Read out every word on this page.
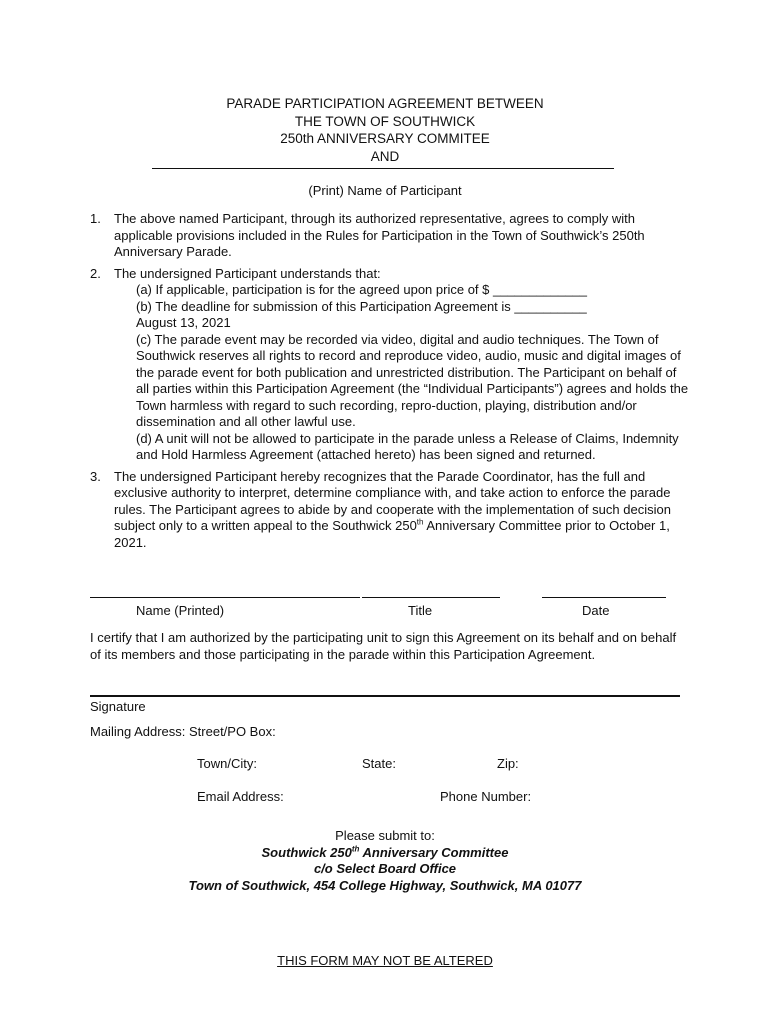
PARADE PARTICIPATION AGREEMENT BETWEEN
THE TOWN OF SOUTHWICK
250th ANNIVERSARY COMMITEE
AND
(Print) Name of Participant
1. The above named Participant, through its authorized representative, agrees to comply with applicable provisions included in the Rules for Participation in the Town of Southwick’s 250th Anniversary Parade.
2. The undersigned Participant understands that:
(a) If applicable, participation is for the agreed upon price of $ _____________
(b) The deadline for submission of this Participation Agreement is __________
August 13, 2021
(c) The parade event may be recorded via video, digital and audio techniques. The Town of Southwick reserves all rights to record and reproduce video, audio, music and digital images of the parade event for both publication and unrestricted distribution. The Participant on behalf of all parties within this Participation Agreement (the “Individual Participants”) agrees and holds the Town harmless with regard to such recording, repro-duction, playing, distribution and/or dissemination and all other lawful use.
(d) A unit will not be allowed to participate in the parade unless a Release of Claims, Indemnity and Hold Harmless Agreement (attached hereto) has been signed and returned.
3. The undersigned Participant hereby recognizes that the Parade Coordinator, has the full and exclusive authority to interpret, determine compliance with, and take action to enforce the parade rules. The Participant agrees to abide by and cooperate with the implementation of such decision subject only to a written appeal to the Southwick 250th Anniversary Committee prior to October 1, 2021.
Name (Printed)	Title	Date
I certify that I am authorized by the participating unit to sign this Agreement on its behalf and on behalf of its members and those participating in the parade within this Participation Agreement.
Signature
Mailing Address: Street/PO Box:
Town/City:	State:	Zip:
Email Address:	Phone Number:
Please submit to:
Southwick 250th Anniversary Committee
c/o Select Board Office
Town of Southwick, 454 College Highway, Southwick, MA 01077
THIS FORM MAY NOT BE ALTERED
